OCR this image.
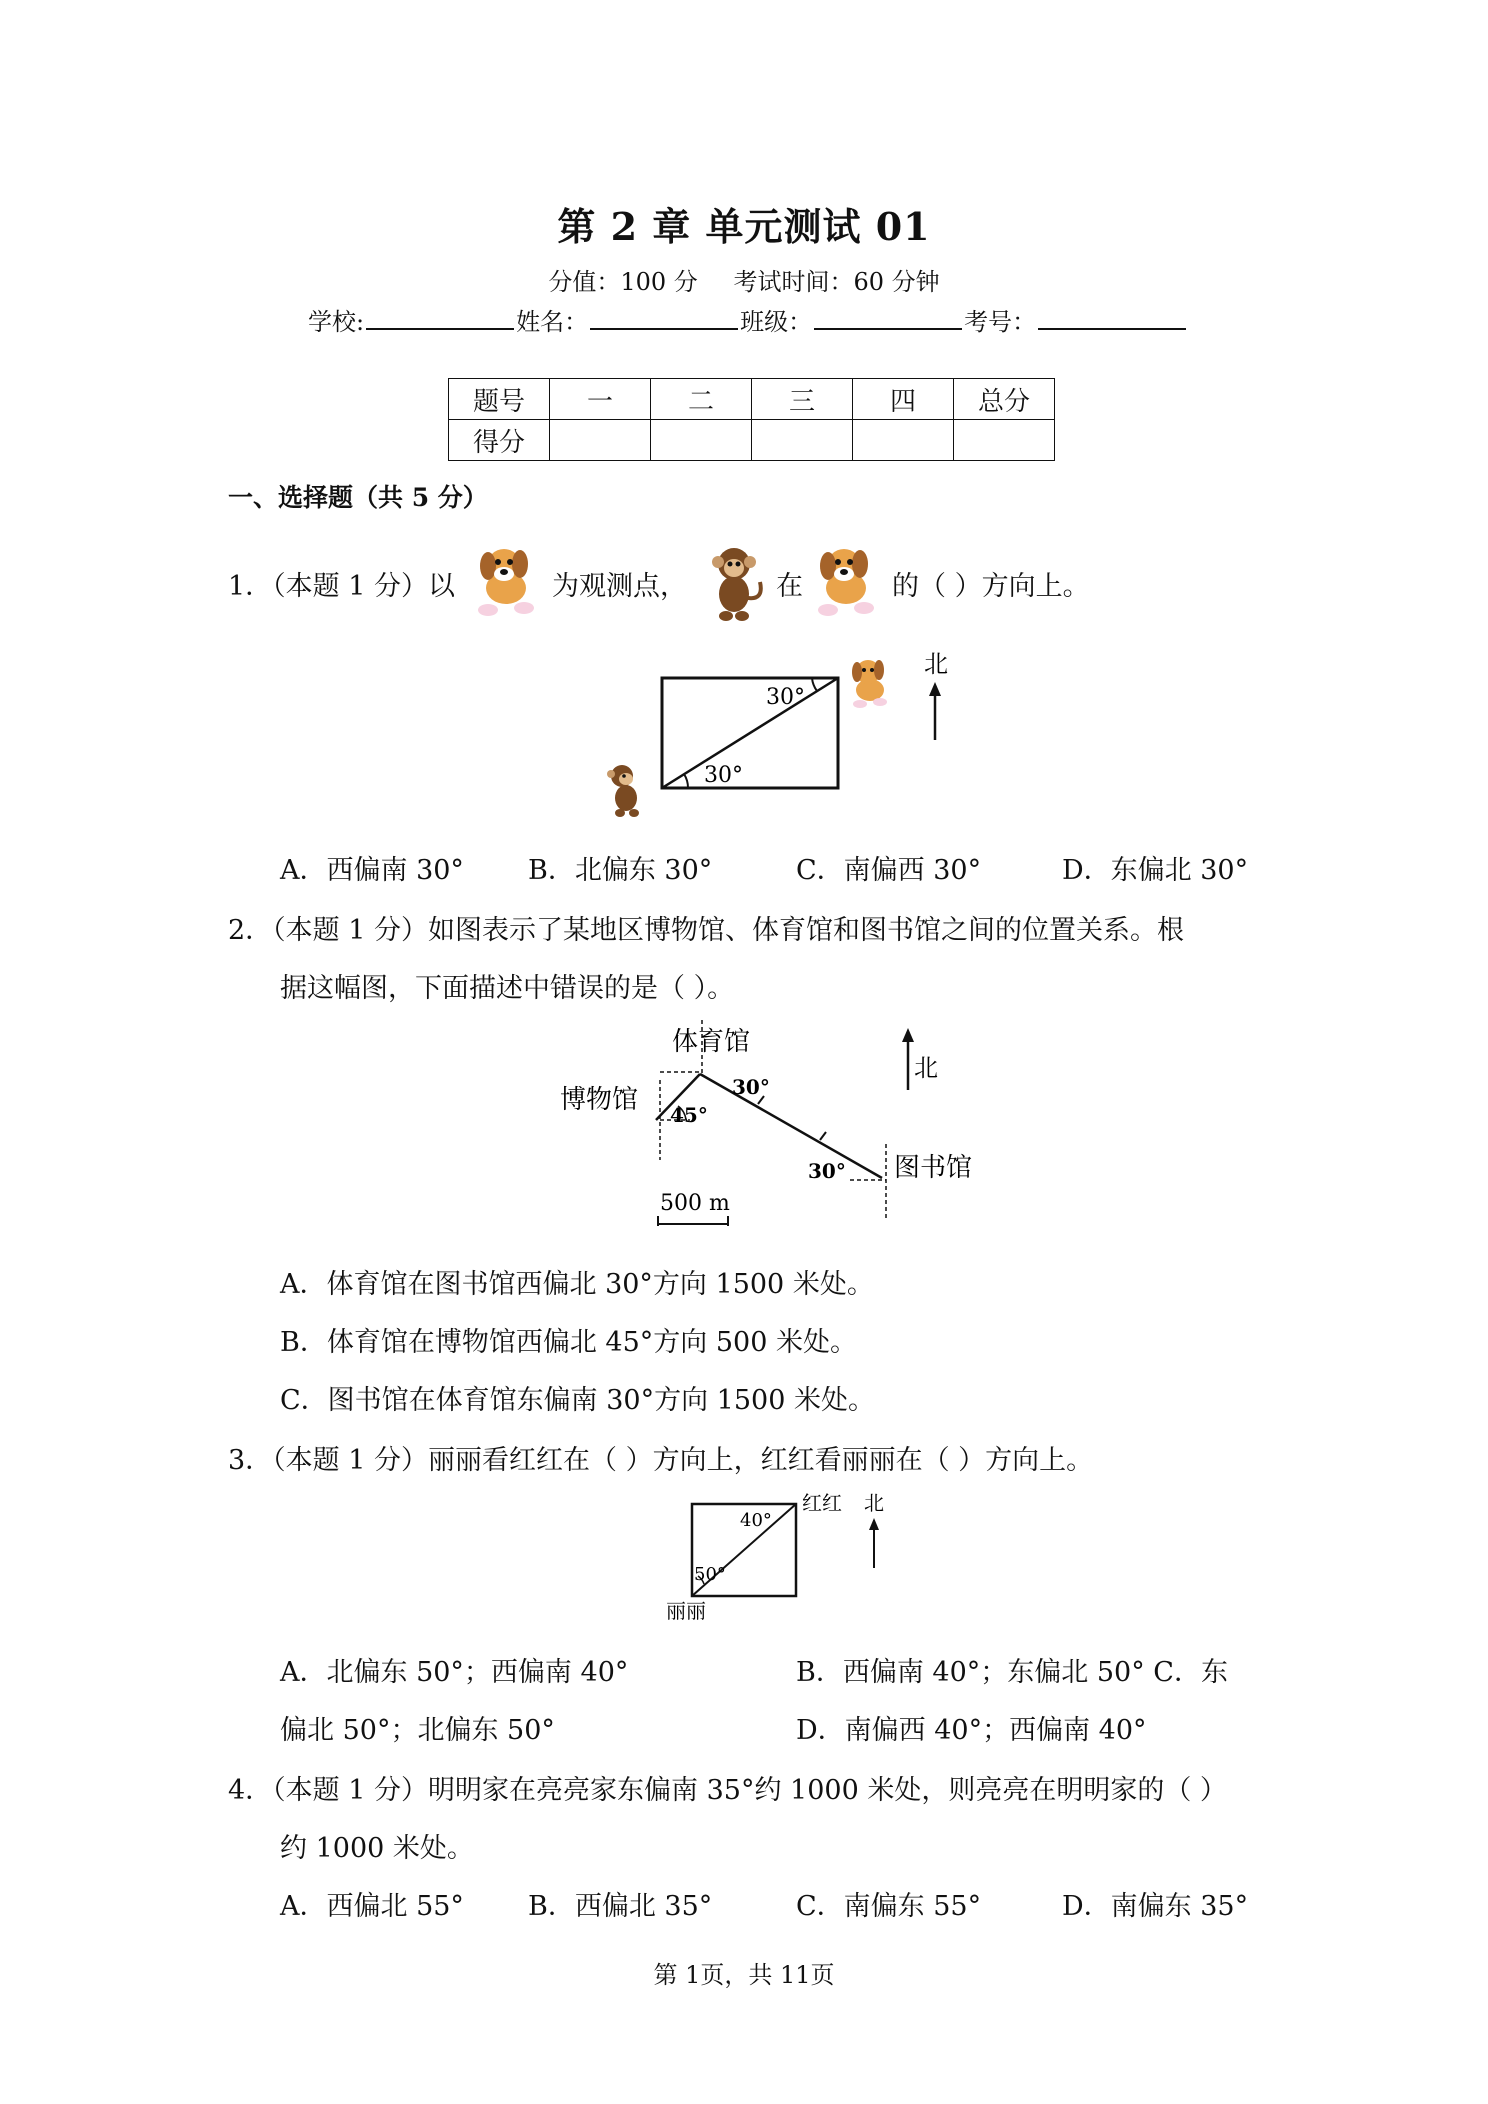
第 2 章 单元测试 01
分值：100 分 考试时间：60 分钟
学校:	姓名：	班级：	考号：
题号	一	二	三	四	总分
得分					
一、选择题（共 5 分）
1．（本题 1 分）以	为观测点，	在	的（ ）方向上。
30°
30°
北
A．西偏南 30° B．北偏东 30°	C．南偏西 30°	D．东偏北 30°
2．（本题 1 分）如图表示了某地区博物馆、体育馆和图书馆之间的位置关系。根
据这幅图，下面描述中错误的是（ ）。
体育馆
博物馆
图书馆
30°
45°
30°
北
500 m
A．体育馆在图书馆西偏北 30°方向 1500 米处。
B．体育馆在博物馆西偏北 45°方向 500 米处。
C．图书馆在体育馆东偏南 30°方向 1500 米处。
3．（本题 1 分）丽丽看红红在（ ）方向上，红红看丽丽在（ ）方向上。
40°
50°
红红 北
丽丽
A．北偏东 50°；西偏南 40°	B．西偏南 40°；东偏北 50° C．东
偏北 50°；北偏东 50°	D．南偏西 40°；西偏南 40°
4．（本题 1 分）明明家在亮亮家东偏南 35°约 1000 米处，则亮亮在明明家的（ ）
约 1000 米处。
A．西偏北 55° B．西偏北 35°	C．南偏东 55°	D．南偏东 35°
第 1页，共 11页
